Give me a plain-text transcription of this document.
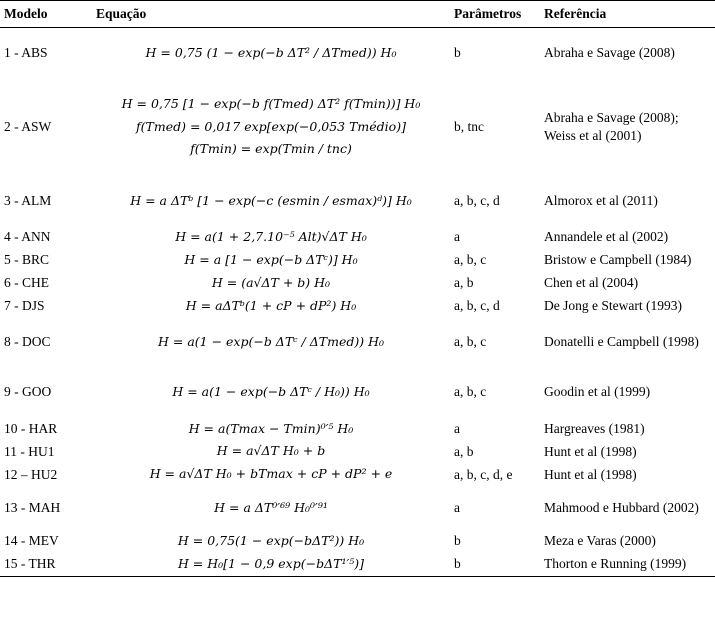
Modelo	Equação	Parâmetros	Referência
1 - ABS	H = 0,75 (1 − exp(−b ΔT² / ΔTmed)) H₀	b	Abraha e Savage (2008)
2 - ASW	H = 0,75 [1 − exp(−b f(Tmed) ΔT² f(Tmin))] H₀
f(Tmed) = 0,017 exp[exp(−0,053 Tmédio)]
f(Tmin) = exp(Tmin / tnc)	b, tnc	Abraha e Savage (2008); Weiss et al (2001)
3 - ALM	H = a ΔTᵇ [1 − exp(−c (esmin / esmax)ᵈ)] H₀	a, b, c, d	Almorox et al (2011)
4 - ANN	H = a(1 + 2,7.10⁻⁵ Alt)√ΔT H₀	a	Annandele et al (2002)
5 - BRC	H = a [1 − exp(−b ΔTᶜ)] H₀	a, b, c	Bristow e Campbell (1984)
6 - CHE	H = (a√ΔT + b) H₀	a, b	Chen et al (2004)
7 - DJS	H = aΔTᵇ(1 + cP + dP²) H₀	a, b, c, d	De Jong e Stewart (1993)
8 - DOC	H = a(1 − exp(−b ΔTᶜ / ΔTmed)) H₀	a, b, c	Donatelli e Campbell (1998)
9 - GOO	H = a(1 − exp(−b ΔTᶜ / H₀)) H₀	a, b, c	Goodin et al (1999)
10 - HAR	H = a(Tmax − Tmin)⁰′⁵ H₀	a	Hargreaves (1981)
11 - HU1	H = a√ΔT H₀ + b	a, b	Hunt et al (1998)
12 – HU2	H = a√ΔT H₀ + bTmax + cP + dP² + e	a, b, c, d, e	Hunt et al (1998)
13 - MAH	H = a ΔT⁰′⁶⁹ H₀⁰′⁹¹	a	Mahmood e Hubbard (2002)
14 - MEV	H = 0,75(1 − exp(−bΔT²)) H₀	b	Meza e Varas (2000)
15 - THR	H = H₀[1 − 0,9 exp(−bΔT¹′⁵)]	b	Thorton e Running (1999)
